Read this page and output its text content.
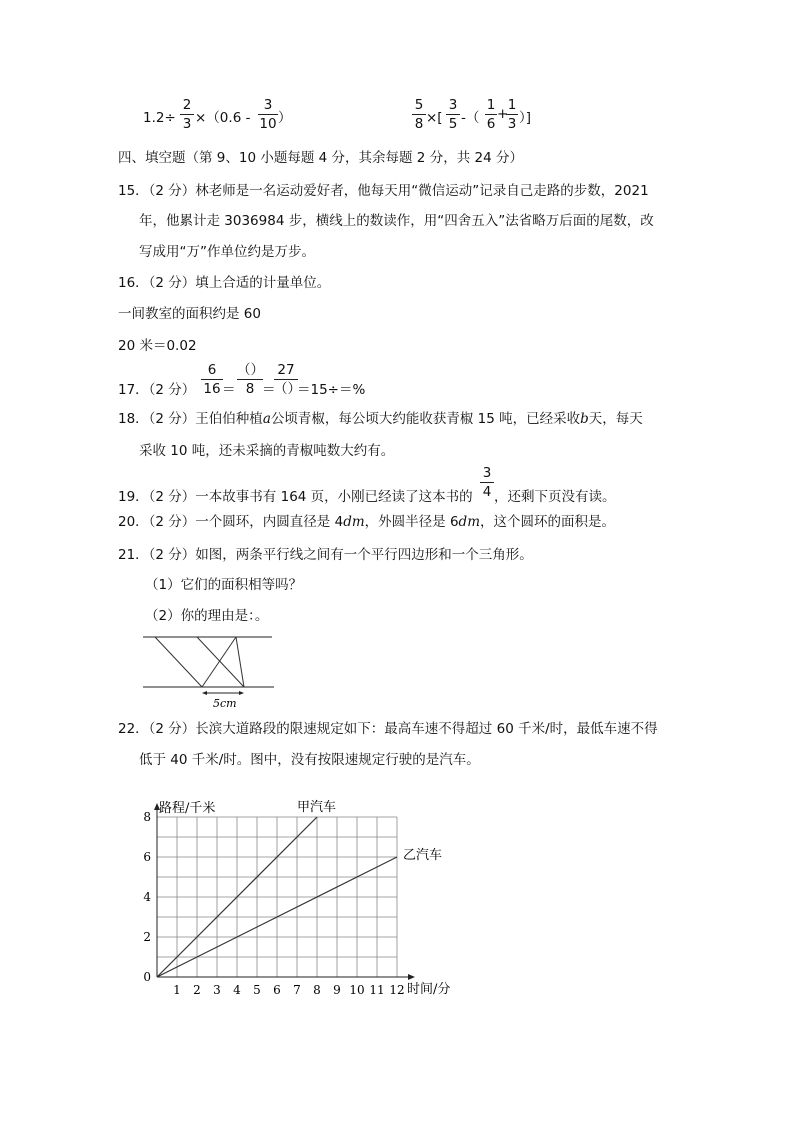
1.2÷
2
3 ×（0.6 -
3
10 ）
5
8 ×[
3
5 -（
1
6
+
1
3 ）]
四、填空题（第 9、10 小题每题 4 分，其余每题 2 分，共 24 分）
15．（2 分）林老师是一名运动爱好者，他每天用“微信运动”记录自己走路的步数，2021
年，他累计走 3036984 步，横线上的数读作，用“四舍五入”法省略万后面的尾数，改
写成用“万”作单位约是万步。
16．（2 分）填上合适的计量单位。
一间教室的面积约是 60
20 米＝0.02
17．（2 分）
6
16 ＝
（）
8 ＝
27
（）
＝15÷＝%
18．（2 分）王伯伯种植a公顷青椒，每公顷大约能收获青椒 15 吨，已经采收b天，每天
采收 10 吨，还未采摘的青椒吨数大约有。
19．（2 分）一本故事书有 164 页，小刚已经读了这本书的
3
4 ，还剩下页没有读。
20．（2 分）一个圆环，内圆直径是 4dm，外圆半径是 6dm，这个圆环的面积是。
21．（2 分）如图，两条平行线之间有一个平行四边形和一个三角形。
（1）它们的面积相等吗？
（2）你的理由是：。
5cm
22．（2 分）长滨大道路段的限速规定如下：最高车速不得超过 60 千米/时，最低车速不得
低于 40 千米/时。图中，没有按限速规定行驶的是汽车。
1 2 3 4 5 6 7 8 9 10 11 12
0
2
4
6
8
甲汽车
乙汽车
路程/千米
时间/分
